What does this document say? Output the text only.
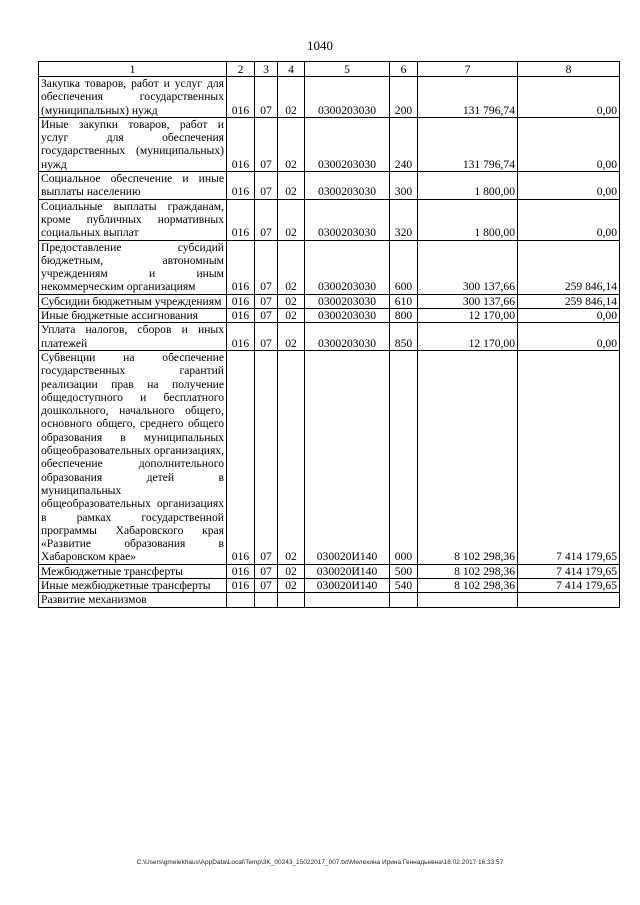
1040
1	2	3	4	5	6	7	8
Закупка товаров, работ и услуг для обеспечения государственных (муниципальных) нужд	016	07	02	0300203030	200	131 796,74	0,00
Иные закупки товаров, работ и услуг для обеспечения государственных (муниципальных) нужд	016	07	02	0300203030	240	131 796,74	0,00
Социальное обеспечение и иные выплаты населению	016	07	02	0300203030	300	1 800,00	0,00
Социальные выплаты гражданам, кроме публичных нормативных социальных выплат	016	07	02	0300203030	320	1 800,00	0,00
Предоставление субсидий бюджетным, автономным учреждениям и иным некоммерческим организациям	016	07	02	0300203030	600	300 137,66	259 846,14
Субсидии бюджетным учреждениям	016	07	02	0300203030	610	300 137,66	259 846,14
Иные бюджетные ассигнования	016	07	02	0300203030	800	12 170,00	0,00
Уплата налогов, сборов и иных платежей	016	07	02	0300203030	850	12 170,00	0,00
Субвенции на обеспечение государственных гарантий реализации прав на получение общедоступного и бесплатного дошкольного, начального общего, основного общего, среднего общего образования в муниципальных общеобразовательных организациях, обеспечение дополнительного образования детей в муниципальных общеобразовательных организациях в рамках государственной программы Хабаровского края «Развитие образования в Хабаровском крае»	016	07	02	030020И140	000	8 102 298,36	7 414 179,65
Межбюджетные трансферты	016	07	02	030020И140	500	8 102 298,36	7 414 179,65
Иные межбюджетные трансферты	016	07	02	030020И140	540	8 102 298,36	7 414 179,65
Развитие механизмов							
C:\Users\gmelekhaus\AppData\Local\Temp\3K_00243_15022017_007.txt\Мелехина Ирина Геннадьевна\16.02.2017 16:33:57
